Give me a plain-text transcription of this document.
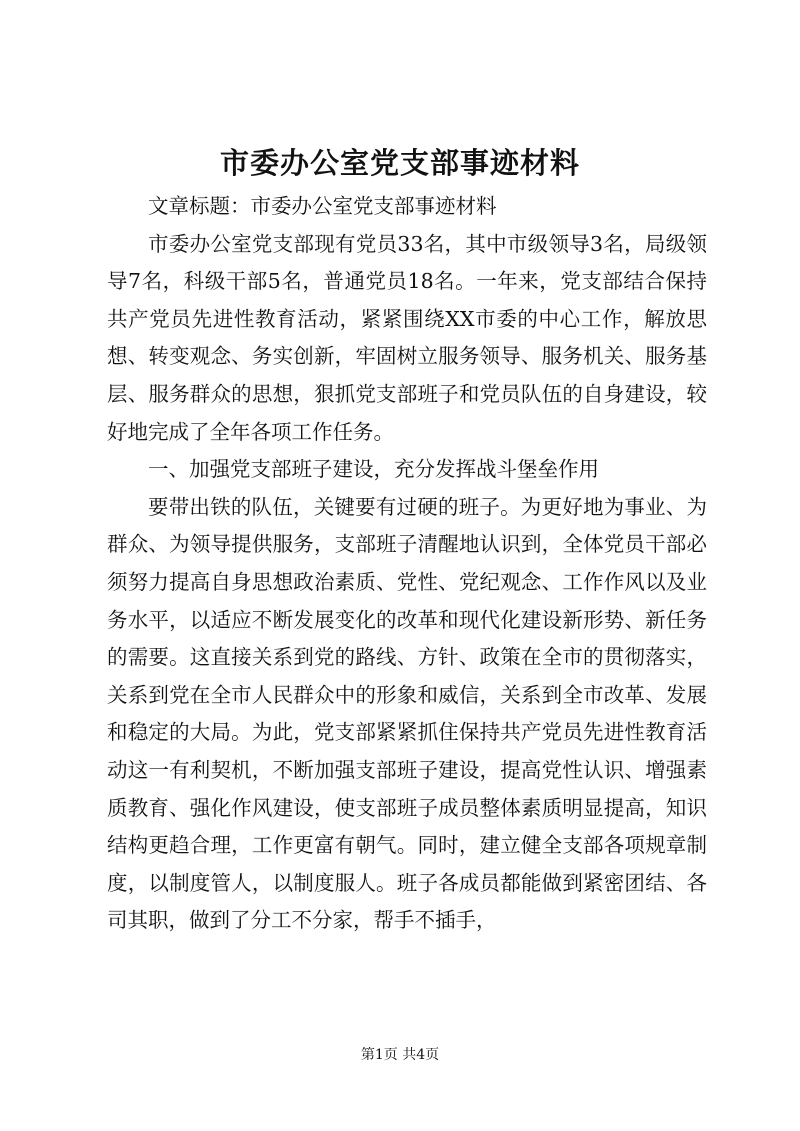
市委办公室党支部事迹材料

文章标题：市委办公室党支部事迹材料

市委办公室党支部现有党员33名，其中市级领导3名，局级领导7名，科级干部5名，普通党员18名。一年来，党支部结合保持共产党员先进性教育活动，紧紧围绕XX市委的中心工作，解放思想、转变观念、务实创新，牢固树立服务领导、服务机关、服务基层、服务群众的思想，狠抓党支部班子和党员队伍的自身建设，较好地完成了全年各项工作任务。

一、加强党支部班子建设，充分发挥战斗堡垒作用

要带出铁的队伍，关键要有过硬的班子。为更好地为事业、为群众、为领导提供服务，支部班子清醒地认识到，全体党员干部必须努力提高自身思想政治素质、党性、党纪观念、工作作风以及业务水平，以适应不断发展变化的改革和现代化建设新形势、新任务的需要。这直接关系到党的路线、方针、政策在全市的贯彻落实，关系到党在全市人民群众中的形象和威信，关系到全市改革、发展和稳定的大局。为此，党支部紧紧抓住保持共产党员先进性教育活动这一有利契机，不断加强支部班子建设，提高党性认识、增强素质教育、强化作风建设，使支部班子成员整体素质明显提高，知识结构更趋合理，工作更富有朝气。同时，建立健全支部各项规章制度，以制度管人，以制度服人。班子各成员都能做到紧密团结、各司其职，做到了分工不分家，帮手不插手，

第1页 共4页
